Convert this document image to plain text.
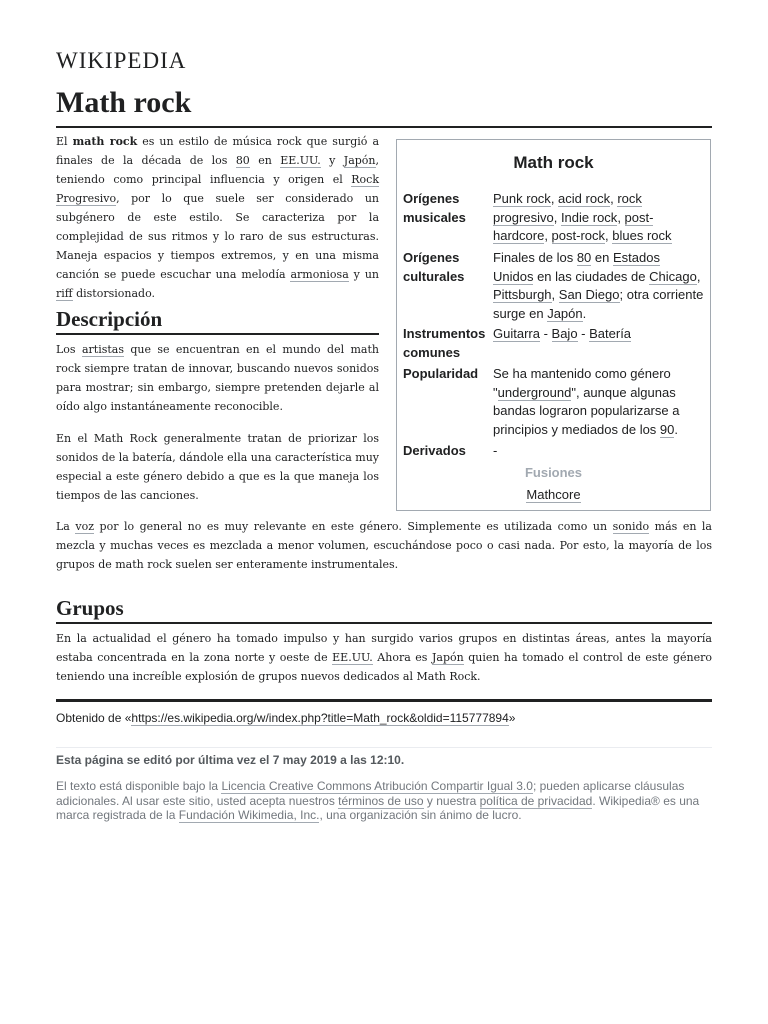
WIKIPEDIA
Math rock

El math rock es un estilo de música rock que surgió a finales de la década de los 80 en EE.UU. y Japón, teniendo como principal influencia y origen el Rock Progresivo, por lo que suele ser considerado un subgénero de este estilo. Se caracteriza por la complejidad de sus ritmos y lo raro de sus estructuras. Maneja espacios y tiempos extremos, y en una misma canción se puede escuchar una melodía armoniosa y un riff distorsionado.

Descripción

Los artistas que se encuentran en el mundo del math rock siempre tratan de innovar, buscando nuevos sonidos para mostrar; sin embargo, siempre pretenden dejarle al oído algo instantáneamente reconocible.

En el Math Rock generalmente tratan de priorizar los sonidos de la batería, dándole ella una característica muy especial a este género debido a que es la que maneja los tiempos de las canciones.

La voz por lo general no es muy relevante en este género. Simplemente es utilizada como un sonido más en la mezcla y muchas veces es mezclada a menor volumen, escuchándose poco o casi nada. Por esto, la mayoría de los grupos de math rock suelen ser enteramente instrumentales.

Grupos

En la actualidad el género ha tomado impulso y han surgido varios grupos en distintas áreas, antes la mayoría estaba concentrada en la zona norte y oeste de EE.UU. Ahora es Japón quien ha tomado el control de este género teniendo una increíble explosión de grupos nuevos dedicados al Math Rock.

Math rock
Orígenes musicales
Punk rock, acid rock, rock progresivo, Indie rock, post-hardcore, post-rock, blues rock
Orígenes culturales
Finales de los 80 en Estados Unidos en las ciudades de Chicago, Pittsburgh, San Diego; otra corriente surge en Japón.
Instrumentos comunes
Guitarra - Bajo - Batería
Popularidad	Se ha mantenido como género "underground", aunque algunas bandas lograron popularizarse a principios y mediados de los 90.
Derivados	-
Fusiones
Mathcore
Obtenido de «https://es.wikipedia.org/w/index.php?title=Math_rock&oldid=115777894»
Esta página se editó por última vez el 7 may 2019 a las 12:10.
El texto está disponible bajo la Licencia Creative Commons Atribución Compartir Igual 3.0; pueden aplicarse cláusulas adicionales. Al usar este sitio, usted acepta nuestros términos de uso y nuestra política de privacidad. Wikipedia® es una marca registrada de la Fundación Wikimedia, Inc., una organización sin ánimo de lucro.
